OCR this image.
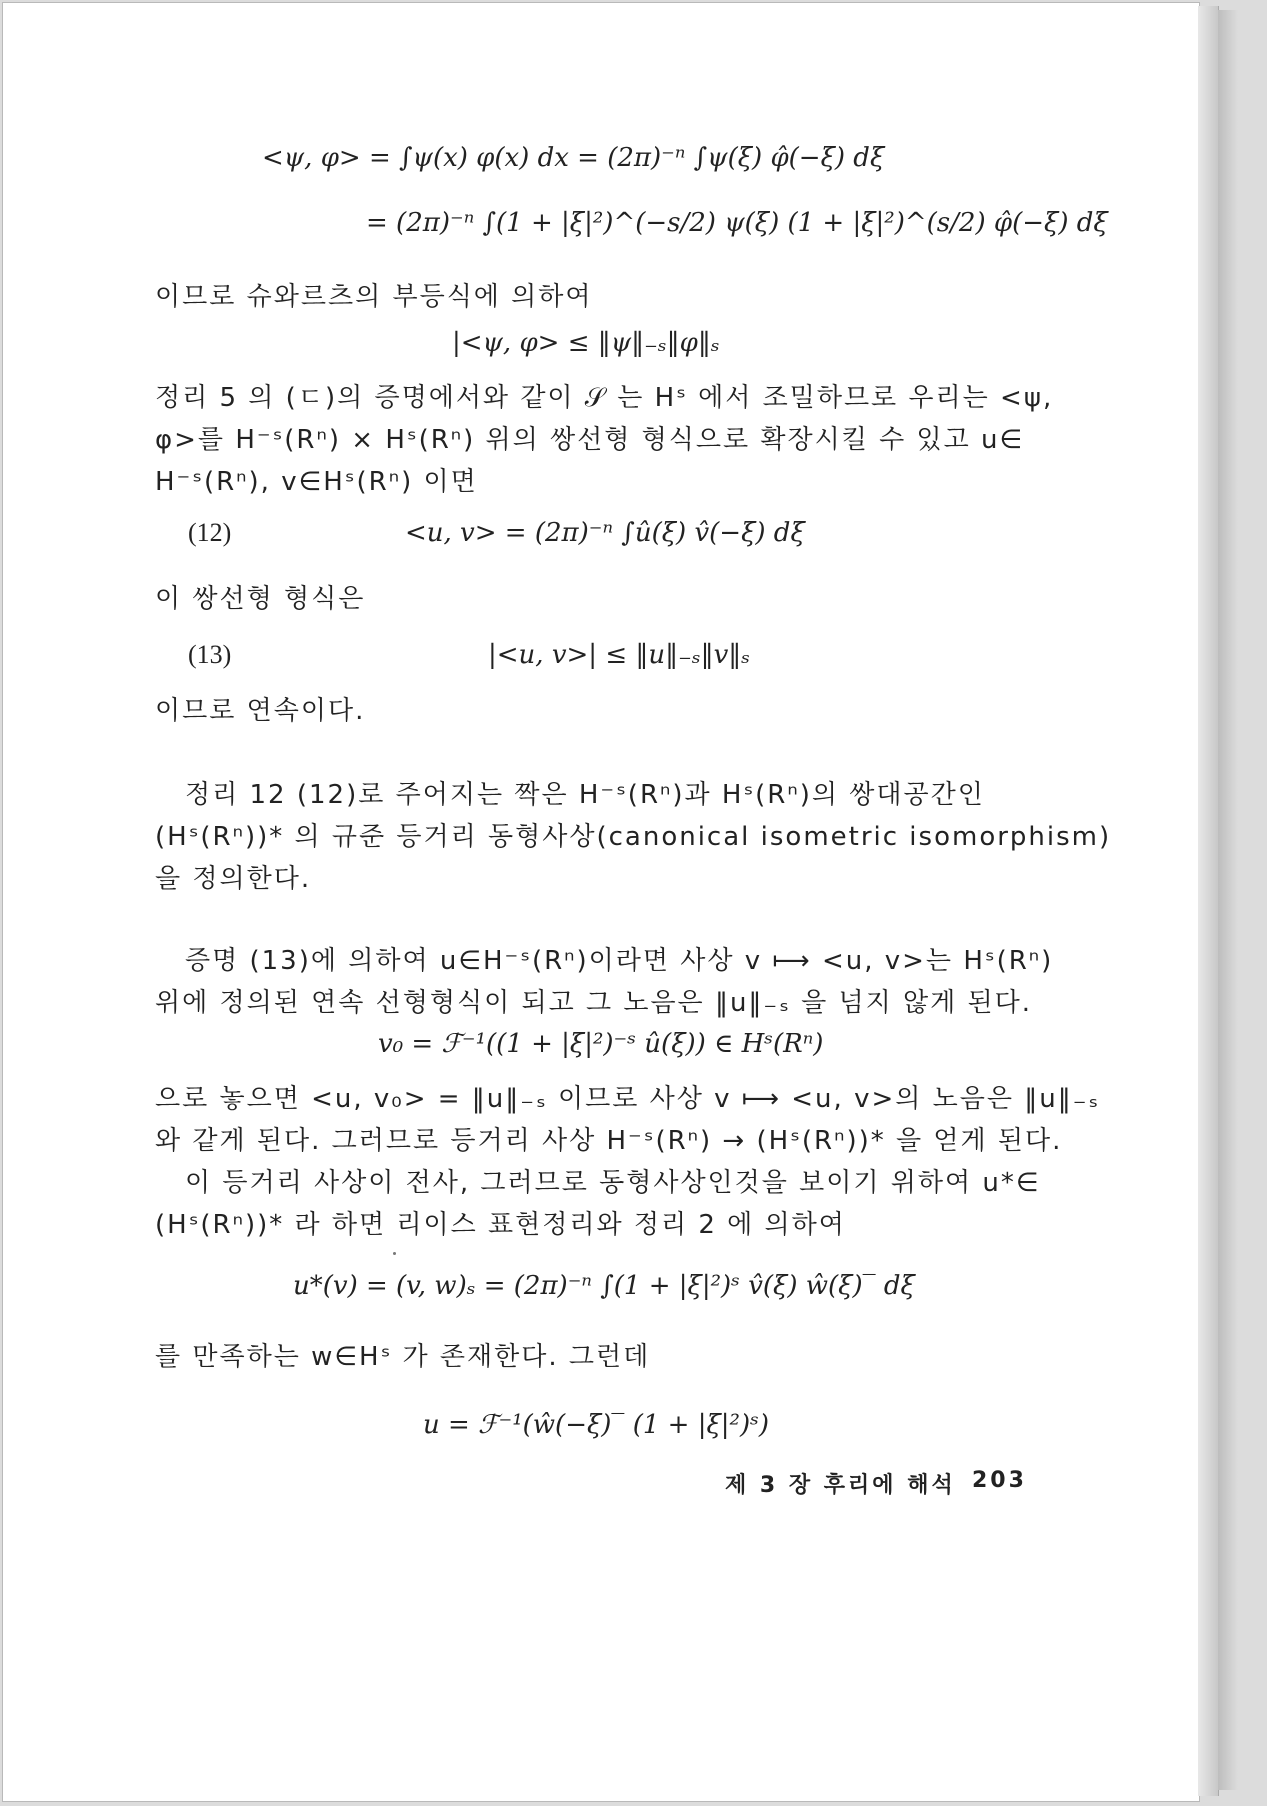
<ψ, φ> = ∫ψ(x) φ(x) dx = (2π)⁻ⁿ ∫ψ(ξ) φ̂(−ξ) dξ
= (2π)⁻ⁿ ∫(1 + |ξ|²)^(−s/2) ψ(ξ) (1 + |ξ|²)^(s/2) φ̂(−ξ) dξ
이므로 슈와르츠의 부등식에 의하여
|<ψ, φ> ≤ ‖ψ‖₋ₛ‖φ‖ₛ
정리 5 의 (ㄷ)의 증명에서와 같이 𝒮 는 Hˢ 에서 조밀하므로 우리는 <ψ,
φ>를 H⁻ˢ(Rⁿ) × Hˢ(Rⁿ) 위의 쌍선형 형식으로 확장시킬 수 있고 u∈
H⁻ˢ(Rⁿ), v∈Hˢ(Rⁿ) 이면
(12)	<u, v> = (2π)⁻ⁿ ∫û(ξ) v̂(−ξ) dξ
이 쌍선형 형식은
(13)	|<u, v>| ≤ ‖u‖₋ₛ‖v‖ₛ
이므로 연속이다.
정리 12 (12)로 주어지는 짝은 H⁻ˢ(Rⁿ)과 Hˢ(Rⁿ)의 쌍대공간인
(Hˢ(Rⁿ))* 의 규준 등거리 동형사상(canonical isometric isomorphism)
을 정의한다.
증명 (13)에 의하여 u∈H⁻ˢ(Rⁿ)이라면 사상 v ⟼ <u, v>는 Hˢ(Rⁿ)
위에 정의된 연속 선형형식이 되고 그 노음은 ‖u‖₋ₛ 을 넘지 않게 된다.
v₀ = ℱ⁻¹((1 + |ξ|²)⁻ˢ û(ξ)) ∈ Hˢ(Rⁿ)
으로 놓으면 <u, v₀> = ‖u‖₋ₛ 이므로 사상 v ⟼ <u, v>의 노음은 ‖u‖₋ₛ
와 같게 된다. 그러므로 등거리 사상 H⁻ˢ(Rⁿ) → (Hˢ(Rⁿ))* 을 얻게 된다.
이 등거리 사상이 전사, 그러므로 동형사상인것을 보이기 위하여 u*∈
(Hˢ(Rⁿ))* 라 하면 리이스 표현정리와 정리 2 에 의하여
u*(v) = (v, w)ₛ = (2π)⁻ⁿ ∫(1 + |ξ|²)ˢ v̂(ξ) ŵ(ξ)‾ dξ
를 만족하는 w∈Hˢ 가 존재한다. 그런데
u = ℱ⁻¹(ŵ(−ξ)‾ (1 + |ξ|²)ˢ)
제 3 장 후리에 해석 203
